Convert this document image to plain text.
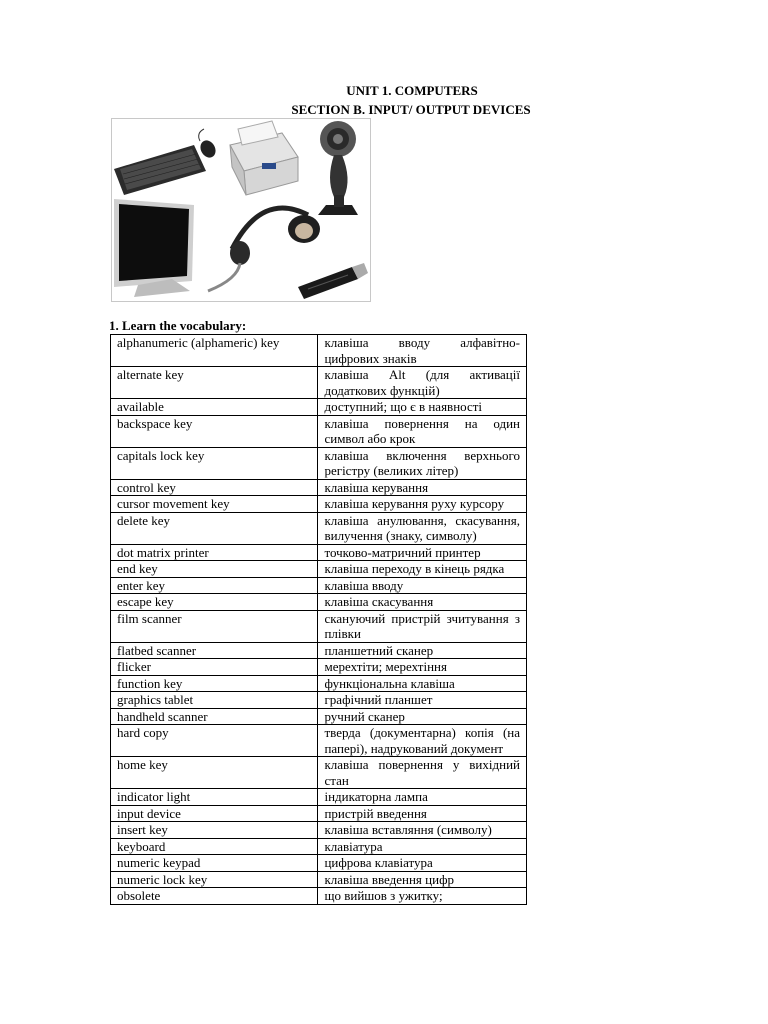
UNIT 1. COMPUTERS
SECTION B. INPUT/ OUTPUT DEVICES
1. Learn the vocabulary:
alphanumeric (alphameric) key	клавіша вводу алфавітно-цифрових знаків
alternate key	клавіша Alt (для активації додаткових функцій)
available	доступний; що є в наявності
backspace key	клавіша повернення на один символ або крок
capitals lock key	клавіша включення верхнього регістру (великих літер)
control key	клавіша керування
cursor movement key	клавіша керування руху курсору
delete key	клавіша анулювання, скасування, вилучення (знаку, символу)
dot matrix printer	точково-матричний принтер
end key	клавіша переходу в кінець рядка
enter key	клавіша вводу
escape key	клавіша скасування
film scanner	скануючий пристрій зчитування з плівки
flatbed scanner	планшетний сканер
flicker	мерехтіти; мерехтіння
function key	функціональна клавіша
graphics tablet	графічний планшет
handheld scanner	ручний сканер
hard copy	тверда (документарна) копія (на папері), надрукований документ
home key	клавіша повернення у вихідний стан
indicator light	індикаторна лампа
input device	пристрій введення
insert key	клавіша вставляння (символу)
keyboard	клавіатура
numeric keypad	цифрова клавіатура
numeric lock key	клавіша введення цифр
obsolete	що вийшов з ужитку;
